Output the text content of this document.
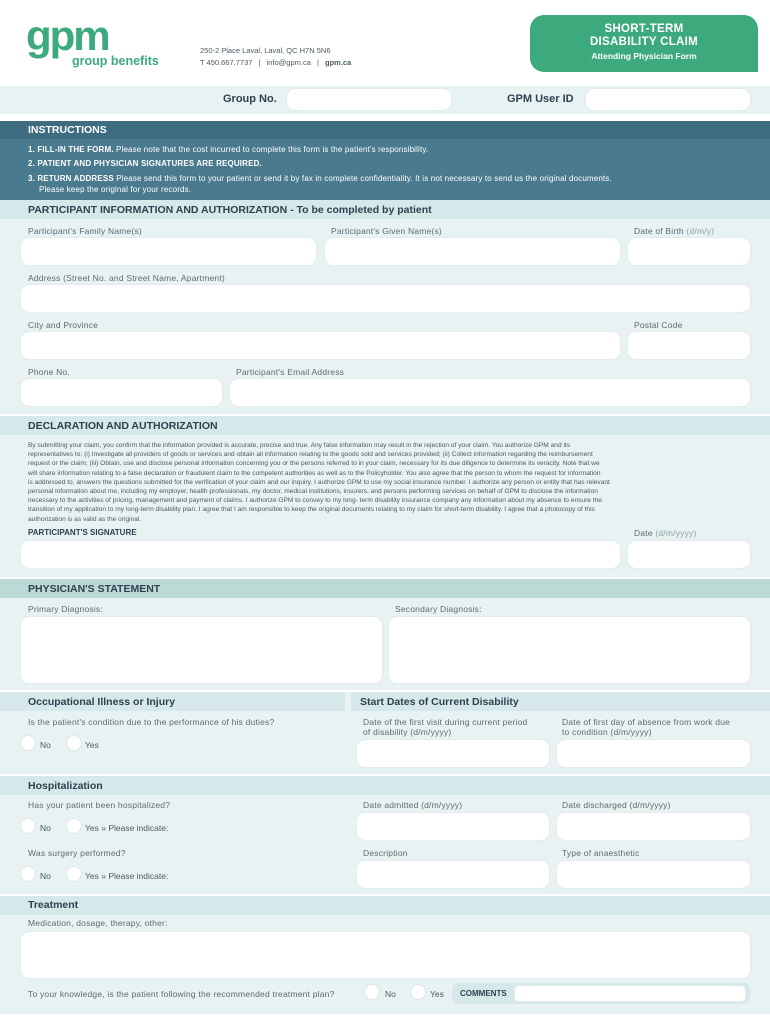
gpm
group benefits
250-2 Place Laval, Laval, QC H7N 5N6
T 450.667.7737 | info@gpm.ca | gpm.ca
SHORT-TERM
DISABILITY CLAIM
Attending Physician Form
Group No.	GPM User ID
INSTRUCTIONS
1. FILL-IN THE FORM. Please note that the cost incurred to complete this form is the patient's responsibility.
2. PATIENT AND PHYSICIAN SIGNATURES ARE REQUIRED.
3. RETURN ADDRESS Please send this form to your patient or send it by fax in complete confidentiality. It is not necessary to send us the original documents.
Please keep the original for your records.
PARTICIPANT INFORMATION AND AUTHORIZATION - To be completed by patient
Participant's Family Name(s)	Participant's Given Name(s)	Date of Birth (d/m/y)
Address (Street No. and Street Name, Apartment)
City and Province	Postal Code
Phone No.	Participant's Email Address
DECLARATION AND AUTHORIZATION
By submitting your claim, you confirm that the information provided is accurate, precise and true. Any false information may result in the rejection of your claim. You authorize GPM and its
representatives to: (i) Investigate all providers of goods or services and obtain all information relating to the goods sold and services provided; (ii) Collect information regarding the reimbursement
request or the claim; (iii) Obtain, use and disclose personal information concerning you or the persons referred to in your claim, necessary for its due diligence to determine its veracity. Note that we
will share information relating to a false declaration or fraudulent claim to the competent authorities as well as to the Policyholder. You also agree that the person to whom the request for information
is addressed to, answers the questions submitted for the verification of your claim and our inquiry. I authorize GPM to use my social insurance number. I authorize any person or entity that has relevant
personal information about me, including my employer, health professionals, my doctor, medical institutions, insurers, and persons performing services on behalf of GPM to disclose the information
necessary to the activities of pricing, management and payment of claims. I authorize GPM to convey to my long- term disability insurance company any information about my absence to ensure the
transition of my application to my long-term disability plan. I agree that I am responsible to keep the original documents relating to my claim for short-term disability. I agree that a photocopy of this
authorization is as valid as the original.
PARTICIPANT'S SIGNATURE	Date (d/m/yyyy)
PHYSICIAN'S STATEMENT
Primary Diagnosis:	Secondary Diagnosis:
Occupational Illness or Injury	Start Dates of Current Disability
Is the patient's condition due to the performance of his duties?
No	Yes
Date of the first visit during current period
of disability (d/m/yyyy)
Date of first day of absence from work due
to condition (d/m/yyyy)
Hospitalization
Has your patient been hospitalized?
No	Yes » Please indicate:
Date admitted (d/m/yyyy)	Date discharged (d/m/yyyy)
Was surgery performed?
No	Yes » Please indicate:
Description	Type of anaesthetic
Treatment
Medication, dosage, therapy, other:
To your knowledge, is the patient following the recommended treatment plan?	No	Yes COMMENTS
